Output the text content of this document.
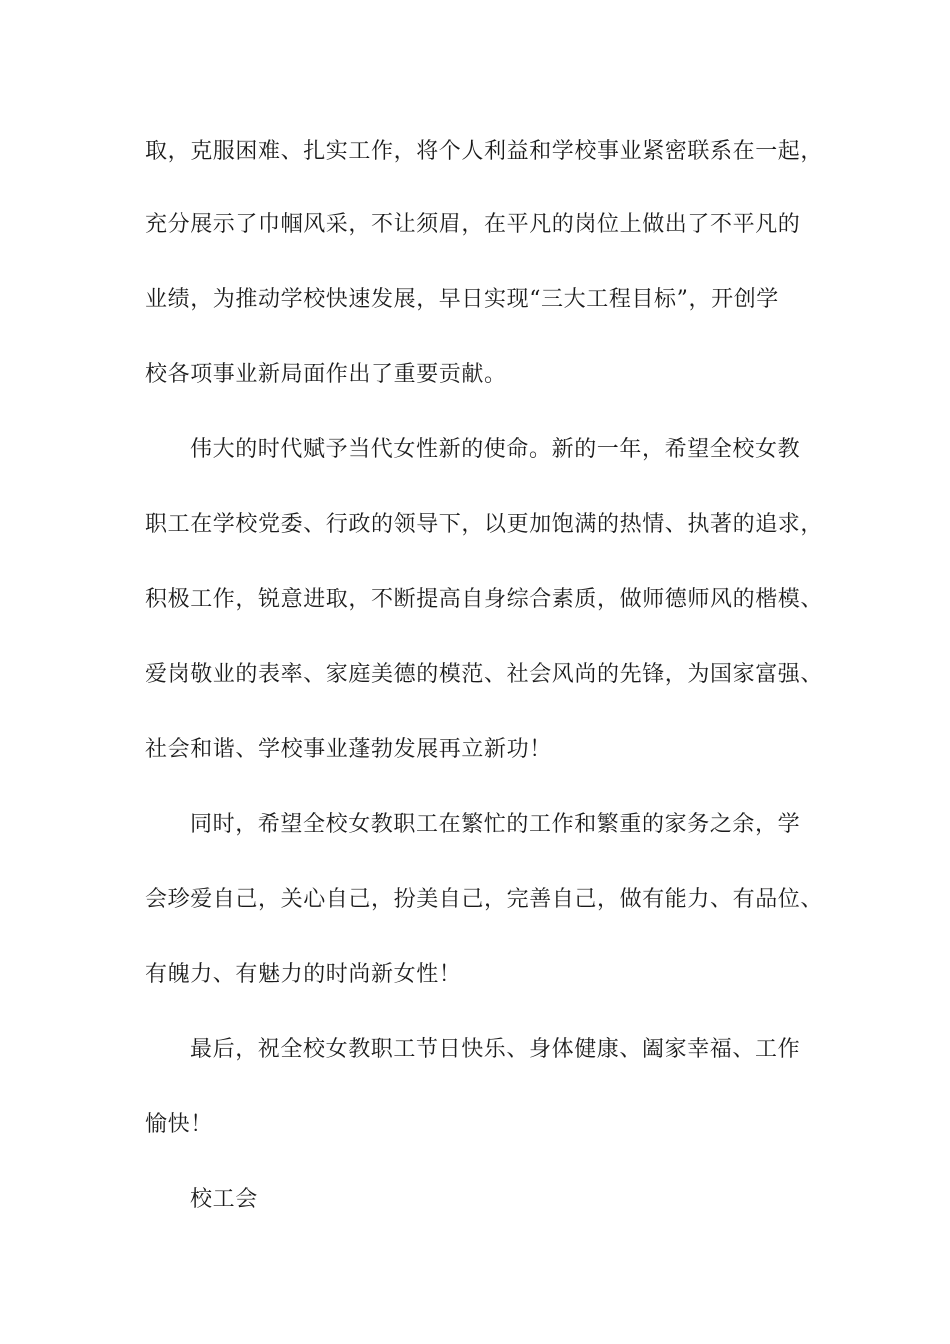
取，克服困难、扎实工作，将个人利益和学校事业紧密联系在一起，
充分展示了巾帼风采，不让须眉，在平凡的岗位上做出了不平凡的
业绩，为推动学校快速发展，早日实现“三大工程目标”，开创学
校各项事业新局面作出了重要贡献。
伟大的时代赋予当代女性新的使命。新的一年，希望全校女教
职工在学校党委、行政的领导下，以更加饱满的热情、执著的追求，
积极工作，锐意进取，不断提高自身综合素质，做师德师风的楷模、
爱岗敬业的表率、家庭美德的模范、社会风尚的先锋，为国家富强、
社会和谐、学校事业蓬勃发展再立新功！
同时，希望全校女教职工在繁忙的工作和繁重的家务之余，学
会珍爱自己，关心自己，扮美自己，完善自己，做有能力、有品位、
有魄力、有魅力的时尚新女性！
最后，祝全校女教职工节日快乐、身体健康、阖家幸福、工作
愉快！
校工会
